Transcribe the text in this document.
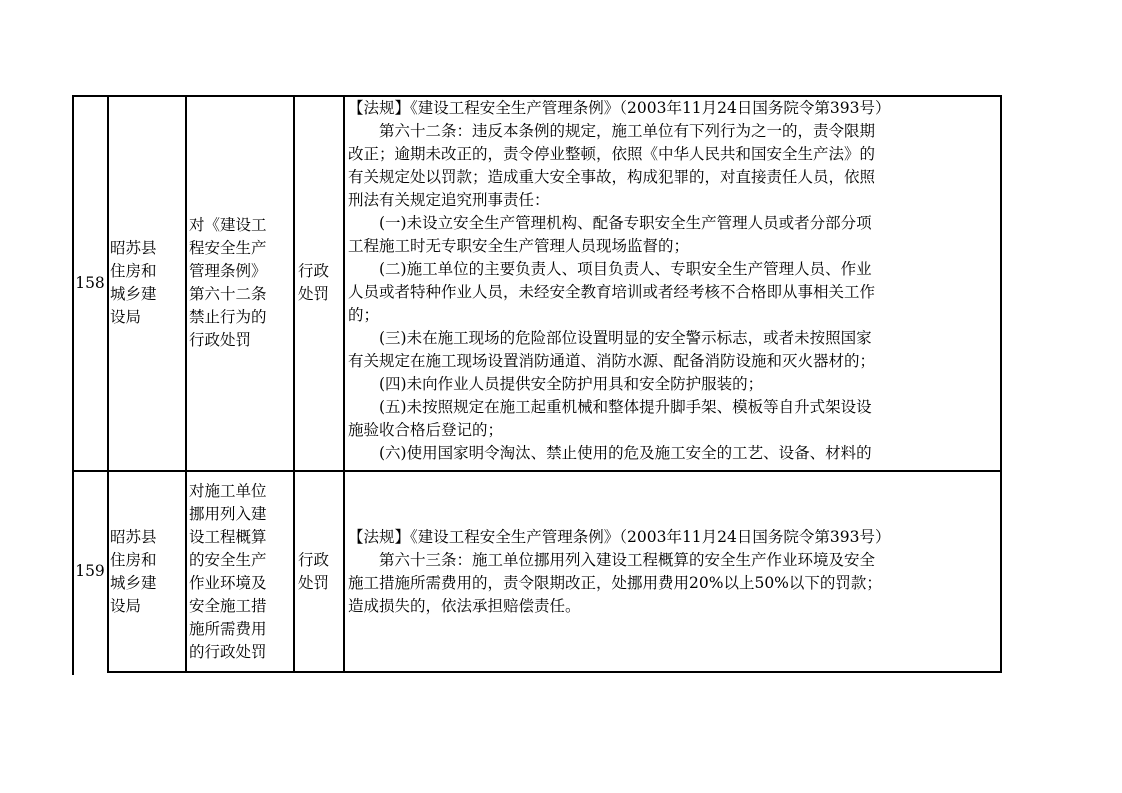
158
昭苏县
住房和
城乡建
设局
对《建设工
程安全生产
管理条例》
第六十二条
禁止行为的
行政处罚
行政
处罚
【法规】《建设工程安全生产管理条例》（2003年11月24日国务院令第393号）
　　第六十二条：违反本条例的规定，施工单位有下列行为之一的，责令限期
改正；逾期未改正的，责令停业整顿，依照《中华人民共和国安全生产法》的
有关规定处以罚款；造成重大安全事故，构成犯罪的，对直接责任人员，依照
刑法有关规定追究刑事责任：
　　(一)未设立安全生产管理机构、配备专职安全生产管理人员或者分部分项
工程施工时无专职安全生产管理人员现场监督的；
　　(二)施工单位的主要负责人、项目负责人、专职安全生产管理人员、作业
人员或者特种作业人员，未经安全教育培训或者经考核不合格即从事相关工作
的；
　　(三)未在施工现场的危险部位设置明显的安全警示标志，或者未按照国家
有关规定在施工现场设置消防通道、消防水源、配备消防设施和灭火器材的；
　　(四)未向作业人员提供安全防护用具和安全防护服装的；
　　(五)未按照规定在施工起重机械和整体提升脚手架、模板等自升式架设设
施验收合格后登记的；
　　(六)使用国家明令淘汰、禁止使用的危及施工安全的工艺、设备、材料的
159
昭苏县
住房和
城乡建
设局
对施工单位
挪用列入建
设工程概算
的安全生产
作业环境及
安全施工措
施所需费用
的行政处罚
行政
处罚
【法规】《建设工程安全生产管理条例》（2003年11月24日国务院令第393号）
　　第六十三条：施工单位挪用列入建设工程概算的安全生产作业环境及安全
施工措施所需费用的，责令限期改正，处挪用费用20%以上50%以下的罚款；
造成损失的，依法承担赔偿责任。
